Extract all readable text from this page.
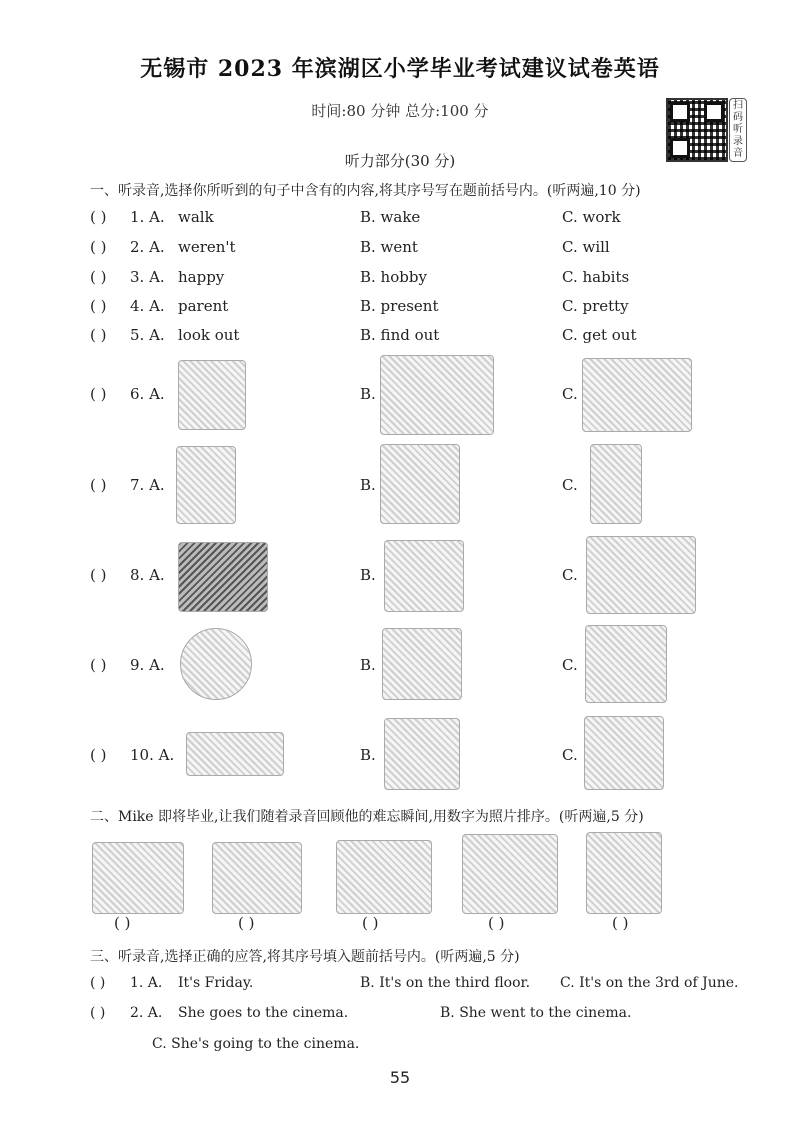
无锡市 2023 年滨湖区小学毕业考试建议试卷英语
时间:80 分钟 总分:100 分	扫码听录音
听力部分(30 分)
一、听录音,选择你所听到的句子中含有的内容,将其序号写在题前括号内。(听两遍,10 分)
( ) 1. A. walk	B. wake	C. work
( ) 2. A. weren't	B. went	C. will
( ) 3. A. happy	B. hobby	C. habits
( ) 4. A. parent	B. present	C. pretty
( ) 5. A. look out	B. find out	C. get out
( ) 6. A.	B.	C.
( ) 7. A.	B.	C.
( ) 8. A.	B.	C.
( ) 9. A.	B.	C.
( ) 10. A.	B.	C.
二、Mike 即将毕业,让我们随着录音回顾他的难忘瞬间,用数字为照片排序。(听两遍,5 分)
( )	( )	( )	( )	( )
三、听录音,选择正确的应答,将其序号填入题前括号内。(听两遍,5 分)
( ) 1. A. It's Friday.	B. It's on the third floor. C. It's on the 3rd of June.
( ) 2. A. She goes to the cinema.	B. She went to the cinema.
C. She's going to the cinema.
55
